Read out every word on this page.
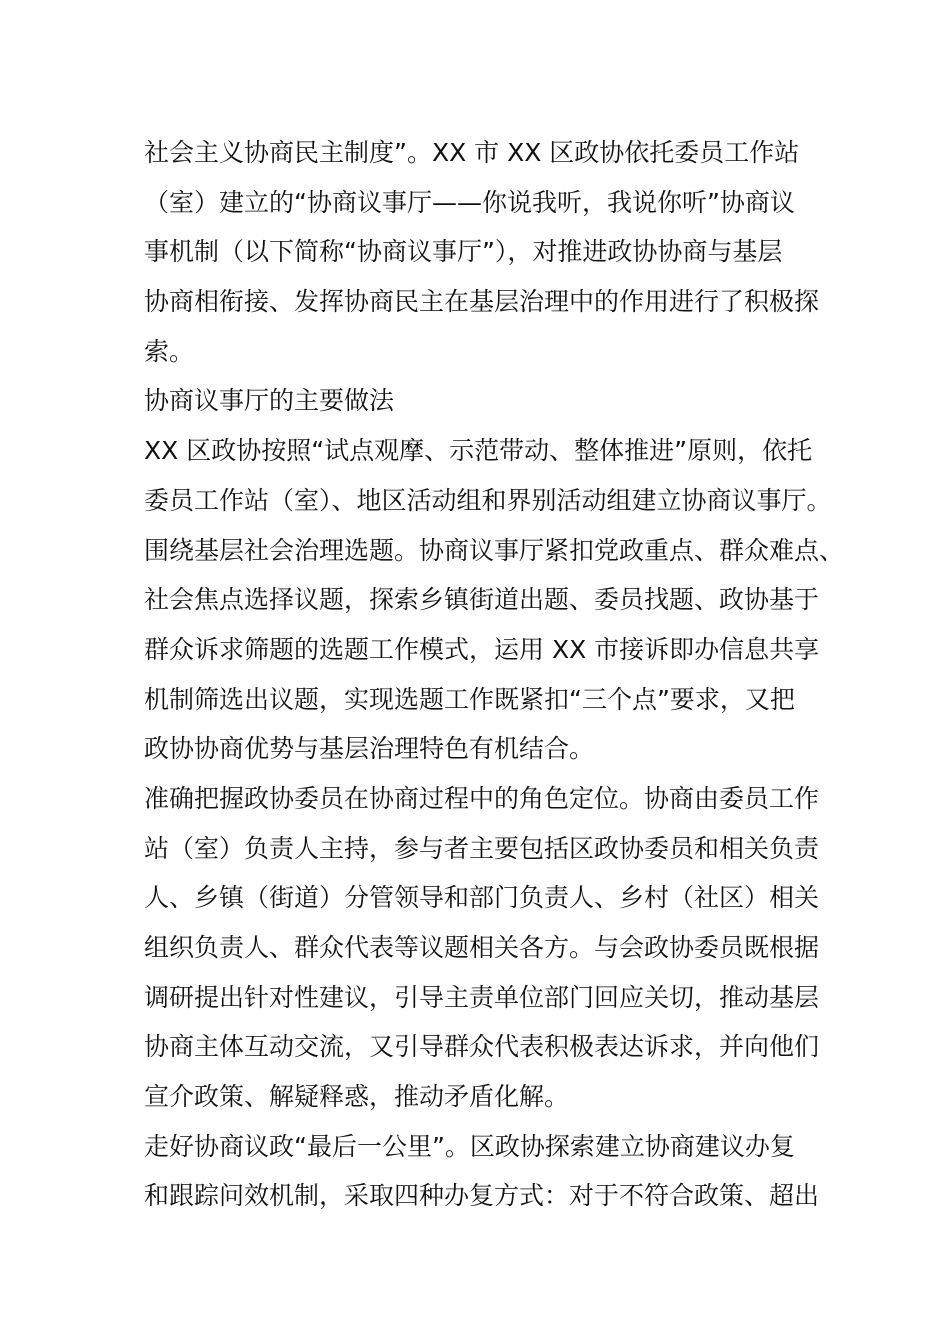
社会主义协商民主制度”。XX 市 XX 区政协依托委员工作站
（室）建立的“协商议事厅——你说我听，我说你听”协商议
事机制（以下简称“协商议事厅”），对推进政协协商与基层
协商相衔接、发挥协商民主在基层治理中的作用进行了积极探
索。
协商议事厅的主要做法
XX 区政协按照“试点观摩、示范带动、整体推进”原则，依托
委员工作站（室）、地区活动组和界别活动组建立协商议事厅。
围绕基层社会治理选题。协商议事厅紧扣党政重点、群众难点、
社会焦点选择议题，探索乡镇街道出题、委员找题、政协基于
群众诉求筛题的选题工作模式，运用 XX 市接诉即办信息共享
机制筛选出议题，实现选题工作既紧扣“三个点”要求，又把
政协协商优势与基层治理特色有机结合。
准确把握政协委员在协商过程中的角色定位。协商由委员工作
站（室）负责人主持，参与者主要包括区政协委员和相关负责
人、乡镇（街道）分管领导和部门负责人、乡村（社区）相关
组织负责人、群众代表等议题相关各方。与会政协委员既根据
调研提出针对性建议，引导主责单位部门回应关切，推动基层
协商主体互动交流，又引导群众代表积极表达诉求，并向他们
宣介政策、解疑释惑，推动矛盾化解。
走好协商议政“最后一公里”。区政协探索建立协商建议办复
和跟踪问效机制，采取四种办复方式：对于不符合政策、超出
